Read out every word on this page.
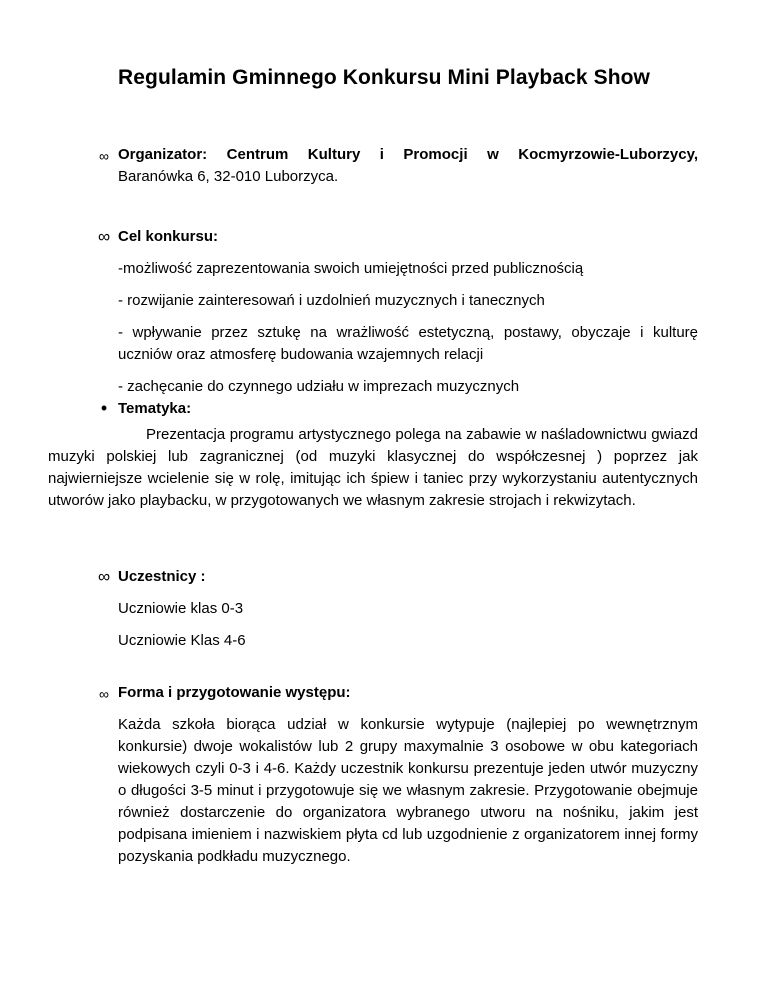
Regulamin Gminnego Konkursu Mini Playback Show
∞ Organizator: Centrum Kultury i Promocji w Kocmyrzowie-Luborzycy,
Baranówka 6, 32-010 Luborzyca.
∞ Cel konkursu:
-możliwość zaprezentowania swoich umiejętności przed publicznością
- rozwijanie zainteresowań i uzdolnień muzycznych i tanecznych
- wpływanie przez sztukę na wrażliwość estetyczną, postawy, obyczaje i kulturę uczniów oraz atmosferę budowania wzajemnych relacji
- zachęcanie do czynnego udziału w imprezach muzycznych
• Tematyka:
Prezentacja programu artystycznego polega na zabawie w naśladownictwu gwiazd muzyki polskiej lub zagranicznej (od muzyki klasycznej do współczesnej ) poprzez jak najwierniejsze wcielenie się w rolę, imitując ich śpiew i taniec przy wykorzystaniu autentycznych utworów jako playbacku, w przygotowanych we własnym zakresie strojach i rekwizytach.
∞ Uczestnicy :
Uczniowie klas 0-3
Uczniowie Klas 4-6
∞ Forma i przygotowanie występu:
Każda szkoła biorąca udział w konkursie wytypuje (najlepiej po wewnętrznym konkursie) dwoje wokalistów lub 2 grupy maxymalnie 3 osobowe w obu kategoriach wiekowych czyli 0-3 i 4-6. Każdy uczestnik konkursu prezentuje jeden utwór muzyczny o długości 3-5 minut i przygotowuje się we własnym zakresie. Przygotowanie obejmuje również dostarczenie do organizatora wybranego utworu na nośniku, jakim jest podpisana imieniem i nazwiskiem płyta cd lub uzgodnienie z organizatorem innej formy pozyskania podkładu muzycznego.
